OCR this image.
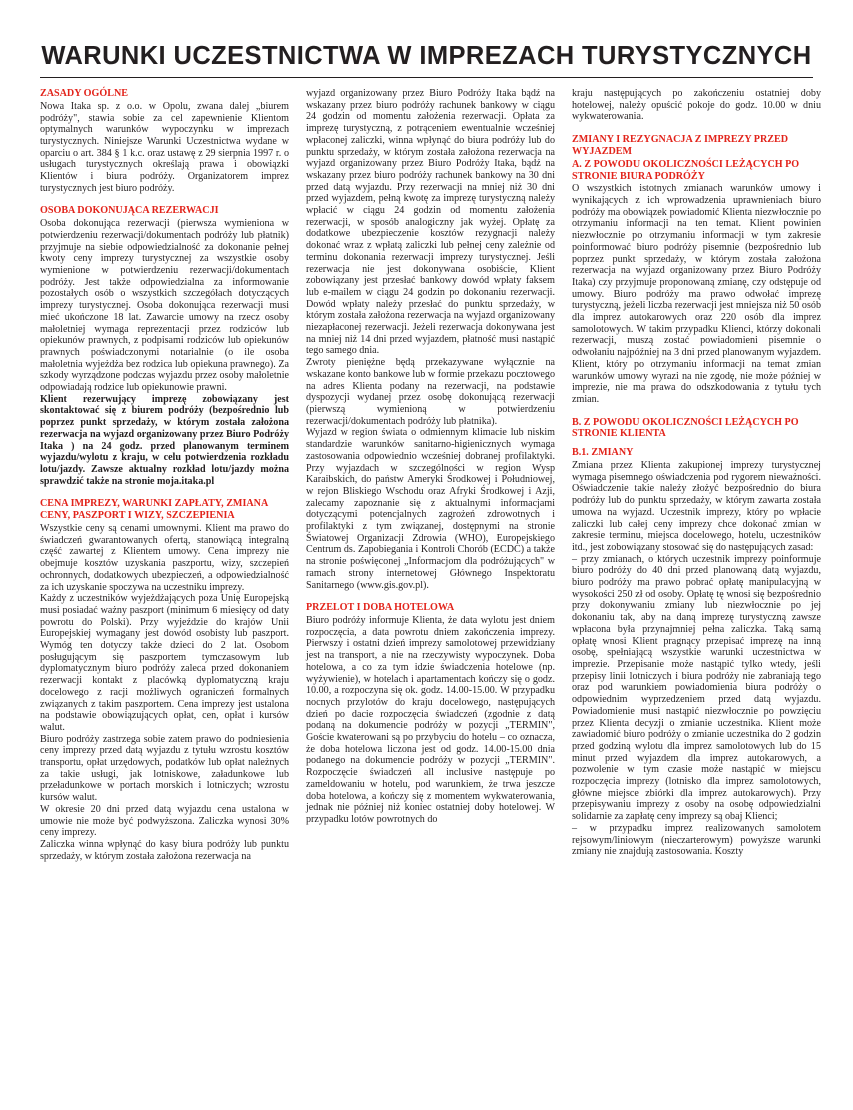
WARUNKI UCZESTNICTWA W IMPREZACH TURYSTYCZNYCH
ZASADY OGÓLNE

Nowa Itaka sp. z o.o. w Opolu, zwana dalej „biurem podróży", stawia sobie za cel zapewnienie Klientom optymalnych warunków wypoczynku w imprezach turystycznych. Niniejsze Warunki Uczestnictwa wydane w oparciu o art. 384 § 1 k.c. oraz ustawę z 29 sierpnia 1997 r. o usługach turystycznych określają prawa i obowiązki Klientów i biura podróży. Organizatorem imprez turystycznych jest biuro podróży.

OSOBA DOKONUJĄCA REZERWACJI

Osoba dokonująca rezerwacji (pierwsza wymieniona w potwierdzeniu rezerwacji/dokumentach podróży lub płatnik) przyjmuje na siebie odpowiedzialność za dokonanie pełnej kwoty ceny imprezy turystycznej za wszystkie osoby wymienione w potwierdzeniu rezerwacji/dokumentach podróży. Jest także odpowiedzialna za informowanie pozostałych osób o wszystkich szczegółach dotyczących imprezy turystycznej. Osoba dokonująca rezerwacji musi mieć ukończone 18 lat. Zawarcie umowy na rzecz osoby małoletniej wymaga reprezentacji przez rodziców lub opiekunów prawnych, z podpisami rodziców lub opiekunów prawnych poświadczonymi notarialnie (o ile osoba małoletnia wyjeżdża bez rodzica lub opiekuna prawnego). Za szkody wyrządzone podczas wyjazdu przez osoby małoletnie odpowiadają rodzice lub opiekunowie prawni.

Klient rezerwujący imprezę zobowiązany jest skontaktować się z biurem podróży (bezpośrednio lub poprzez punkt sprzedaży, w którym została założona rezerwacja na wyjazd organizowany przez Biuro Podróży Itaka ) na 24 godz. przed planowanym terminem wyjazdu/wylotu z kraju, w celu potwierdzenia rozkładu lotu/jazdy. Zawsze aktualny rozkład lotu/jazdy można sprawdzić także na stronie moja.itaka.pl

CENA IMPREZY, WARUNKI ZAPŁATY, ZMIANA CENY, PASZPORT I WIZY, SZCZEPIENIA

Wszystkie ceny są cenami umownymi. Klient ma prawo do świadczeń gwarantowanych ofertą, stanowiącą integralną część zawartej z Klientem umowy. Cena imprezy nie obejmuje kosztów uzyskania paszportu, wizy, szczepień ochronnych, dodatkowych ubezpieczeń, a odpowiedzialność za ich uzyskanie spoczywa na uczestniku imprezy.

Każdy z uczestników wyjeżdżających poza Unię Europejską musi posiadać ważny paszport (minimum 6 miesięcy od daty powrotu do Polski). Przy wyjeździe do krajów Unii Europejskiej wymagany jest dowód osobisty lub paszport. Wymóg ten dotyczy także dzieci do 2 lat. Osobom posługującym się paszportem tymczasowym lub dyplomatycznym biuro podróży zaleca przed dokonaniem rezerwacji kontakt z placówką dyplomatyczną kraju docelowego z racji możliwych ograniczeń formalnych związanych z takim paszportem. Cena imprezy jest ustalona na podstawie obowiązujących opłat, cen, opłat i kursów walut.

Biuro podróży zastrzega sobie zatem prawo do podniesienia ceny imprezy przed datą wyjazdu z tytułu wzrostu kosztów transportu, opłat urzędowych, podatków lub opłat należnych za takie usługi, jak lotniskowe, załadunkowe lub przeładunkowe w portach morskich i lotniczych; wzrostu kursów walut.

W okresie 20 dni przed datą wyjazdu cena ustalona w umowie nie może być podwyższona. Zaliczka wynosi 30% ceny imprezy.

Zaliczka winna wpłynąć do kasy biura podróży lub punktu sprzedaży, w którym została założona rezerwacja na

wyjazd organizowany przez Biuro Podróży Itaka bądź na wskazany przez biuro podróży rachunek bankowy w ciągu 24 godzin od momentu założenia rezerwacji. Opłata za imprezę turystyczną, z potrąceniem ewentualnie wcześniej wpłaconej zaliczki, winna wpłynąć do biura podróży lub do punktu sprzedaży, w którym została założona rezerwacja na wyjazd organizowany przez Biuro Podróży Itaka, bądź na wskazany przez biuro podróży rachunek bankowy na 30 dni przed datą wyjazdu. Przy rezerwacji na mniej niż 30 dni przed wyjazdem, pełną kwotę za imprezę turystyczną należy wpłacić w ciągu 24 godzin od momentu założenia rezerwacji, w sposób analogiczny jak wyżej. Opłatę za dodatkowe ubezpieczenie kosztów rezygnacji należy dokonać wraz z wpłatą zaliczki lub pełnej ceny zależnie od terminu dokonania rezerwacji imprezy turystycznej. Jeśli rezerwacja nie jest dokonywana osobiście, Klient zobowiązany jest przesłać bankowy dowód wpłaty faksem lub e-mailem w ciągu 24 godzin po dokonaniu rezerwacji. Dowód wpłaty należy przesłać do punktu sprzedaży, w którym została założona rezerwacja na wyjazd organizowany niezapłaconej rezerwacji. Jeżeli rezerwacja dokonywana jest na mniej niż 14 dni przed wyjazdem, płatność musi nastąpić tego samego dnia.

Zwroty pieniężne będą przekazywane wyłącznie na wskazane konto bankowe lub w formie przekazu pocztowego na adres Klienta podany na rezerwacji, na podstawie dyspozycji wydanej przez osobę dokonującą rezerwacji (pierwszą wymienioną w potwierdzeniu rezerwacji/dokumentach podróży lub płatnika).

Wyjazd w region świata o odmiennym klimacie lub niskim standardzie warunków sanitarno-higienicznych wymaga zastosowania odpowiednio wcześniej dobranej profilaktyki. Przy wyjazdach w szczególności w region Wysp Karaibskich, do państw Ameryki Środkowej i Południowej, w rejon Bliskiego Wschodu oraz Afryki Środkowej i Azji, zalecamy zapoznanie się z aktualnymi informacjami dotyczącymi potencjalnych zagrożeń zdrowotnych i profilaktyki z tym związanej, dostępnymi na stronie Światowej Organizacji Zdrowia (WHO), Europejskiego Centrum ds. Zapobiegania i Kontroli Chorób (ECDC) a także na stronie poświęconej „Informacjom dla podróżujących" w ramach strony internetowej Głównego Inspektoratu Sanitarnego (www.gis.gov.pl).

PRZELOT I DOBA HOTELOWA

Biuro podróży informuje Klienta, że data wylotu jest dniem rozpoczęcia, a data powrotu dniem zakończenia imprezy. Pierwszy i ostatni dzień imprezy samolotowej przewidziany jest na transport, a nie na rzeczywisty wypoczynek. Doba hotelowa, a co za tym idzie świadczenia hotelowe (np. wyżywienie), w hotelach i apartamentach kończy się o godz. 10.00, a rozpoczyna się ok. godz. 14.00-15.00. W przypadku nocnych przylotów do kraju docelowego, następujących dzień po dacie rozpoczęcia świadczeń (zgodnie z datą podaną na dokumencie podróży w pozycji „TERMIN", Goście kwaterowani są po przybyciu do hotelu – co oznacza, że doba hotelowa liczona jest od godz. 14.00-15.00 dnia podanego na dokumencie podróży w pozycji „TERMIN". Rozpoczęcie świadczeń all inclusive następuje po zameldowaniu w hotelu, pod warunkiem, że trwa jeszcze doba hotelowa, a kończy się z momentem wykwaterowania, jednak nie później niż koniec ostatniej doby hotelowej. W przypadku lotów powrotnych do

kraju następujących po zakończeniu ostatniej doby hotelowej, należy opuścić pokoje do godz. 10.00 w dniu wykwaterowania.

ZMIANY I REZYGNACJA Z IMPREZY PRZED WYJAZDEM
A. Z POWODU OKOLICZNOŚCI LEŻĄCYCH PO STRONIE BIURA PODRÓŻY

O wszystkich istotnych zmianach warunków umowy i wynikających z ich wprowadzenia uprawnieniach biuro podróży ma obowiązek powiadomić Klienta niezwłocznie po otrzymaniu informacji na ten temat. Klient powinien niezwłocznie po otrzymaniu informacji w tym zakresie poinformować biuro podróży pisemnie (bezpośrednio lub poprzez punkt sprzedaży, w którym została założona rezerwacja na wyjazd organizowany przez Biuro Podróży Itaka) czy przyjmuje proponowaną zmianę, czy odstępuje od umowy. Biuro podróży ma prawo odwołać imprezę turystyczną, jeżeli liczba rezerwacji jest mniejsza niż 50 osób dla imprez autokarowych oraz 220 osób dla imprez samolotowych. W takim przypadku Klienci, którzy dokonali rezerwacji, muszą zostać powiadomieni pisemnie o odwołaniu najpóźniej na 3 dni przed planowanym wyjazdem. Klient, który po otrzymaniu informacji na temat zmian warunków umowy wyrazi na nie zgodę, nie może później w imprezie, nie ma prawa do odszkodowania z tytułu tych zmian.

B. Z POWODU OKOLICZNOŚCI LEŻĄCYCH PO STRONIE KLIENTA
B.1. ZMIANY

Zmiana przez Klienta zakupionej imprezy turystycznej wymaga pisemnego oświadczenia pod rygorem nieważności. Oświadczenie takie należy złożyć bezpośrednio do biura podróży lub do punktu sprzedaży, w którym zawarta została umowa na wyjazd. Uczestnik imprezy, który po wpłacie zaliczki lub całej ceny imprezy chce dokonać zmian w zakresie terminu, miejsca docelowego, hotelu, uczestników itd., jest zobowiązany stosować się do następujących zasad:

– przy zmianach, o których uczestnik imprezy poinformuje biuro podróży do 40 dni przed planowaną datą wyjazdu, biuro podróży ma prawo pobrać opłatę manipulacyjną w wysokości 250 zł od osoby. Opłatę tę wnosi się bezpośrednio przy dokonywaniu zmiany lub niezwłocznie po jej dokonaniu tak, aby na daną imprezę turystyczną zawsze wpłacona była przynajmniej pełna zaliczka. Taką samą opłatę wnosi Klient pragnący przepisać imprezę na inną osobę, spełniającą wszystkie warunki uczestnictwa w imprezie. Przepisanie może nastąpić tylko wtedy, jeśli przepisy linii lotniczych i biura podróży nie zabraniają tego oraz pod warunkiem powiadomienia biura podróży o odpowiednim wyprzedzeniem przed datą wyjazdu. Powiadomienie musi nastąpić niezwłocznie po powzięciu przez Klienta decyzji o zmianie uczestnika. Klient może zawiadomić biuro podróży o zmianie uczestnika do 2 godzin przed godziną wylotu dla imprez samolotowych lub do 15 minut przed wyjazdem dla imprez autokarowych, a pozwolenie w tym czasie może nastąpić w miejscu rozpoczęcia imprezy (lotnisko dla imprez samolotowych, główne miejsce zbiórki dla imprez autokarowych). Przy przepisywaniu imprezy z osoby na osobę odpowiedzialni solidarnie za zapłatę ceny imprezy są obaj Klienci;

– w przypadku imprez realizowanych samolotem rejsowym/liniowym (nieczarterowym) powyższe warunki zmiany nie znajdują zastosowania. Koszty
